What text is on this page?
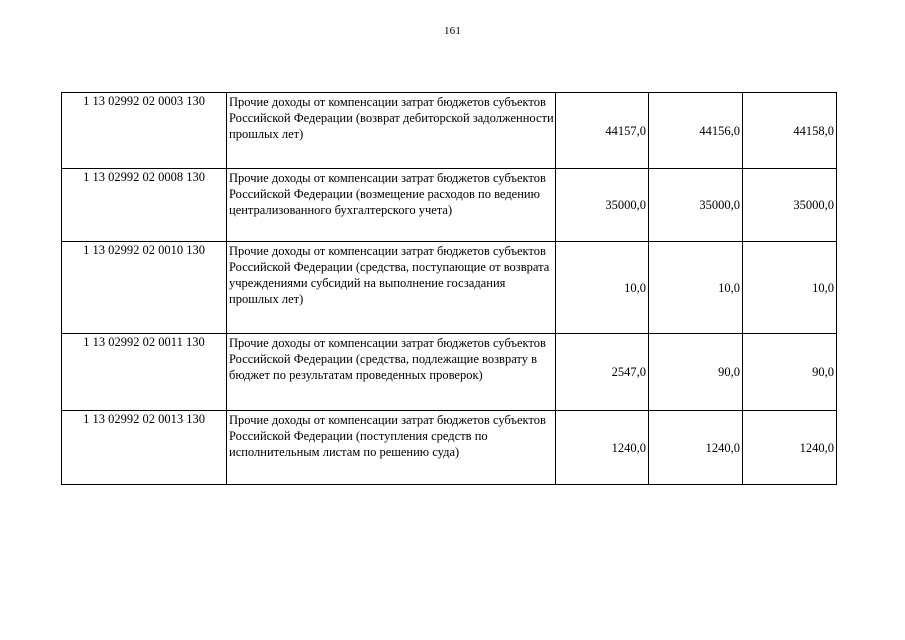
161
1 13 02992 02 0003 130	Прочие доходы от компенсации затрат бюджетов субъектов Российской Федерации (возврат дебиторской задолженности прошлых лет)	44157,0	44156,0	44158,0
1 13 02992 02 0008 130	Прочие доходы от компенсации затрат бюджетов субъектов Российской Федерации (возмещение расходов по ведению централизованного бухгалтерского учета)	35000,0	35000,0	35000,0
1 13 02992 02 0010 130	Прочие доходы от компенсации затрат бюджетов субъектов Российской Федерации (средства, поступающие от возврата учреждениями субсидий на выполнение госзадания прошлых лет)	10,0	10,0	10,0
1 13 02992 02 0011 130	Прочие доходы от компенсации затрат бюджетов субъектов Российской Федерации (средства, подлежащие возврату в бюджет по результатам проведенных проверок)	2547,0	90,0	90,0
1 13 02992 02 0013 130	Прочие доходы от компенсации затрат бюджетов субъектов Российской Федерации (поступления средств по исполнительным листам по решению суда)	1240,0	1240,0	1240,0
